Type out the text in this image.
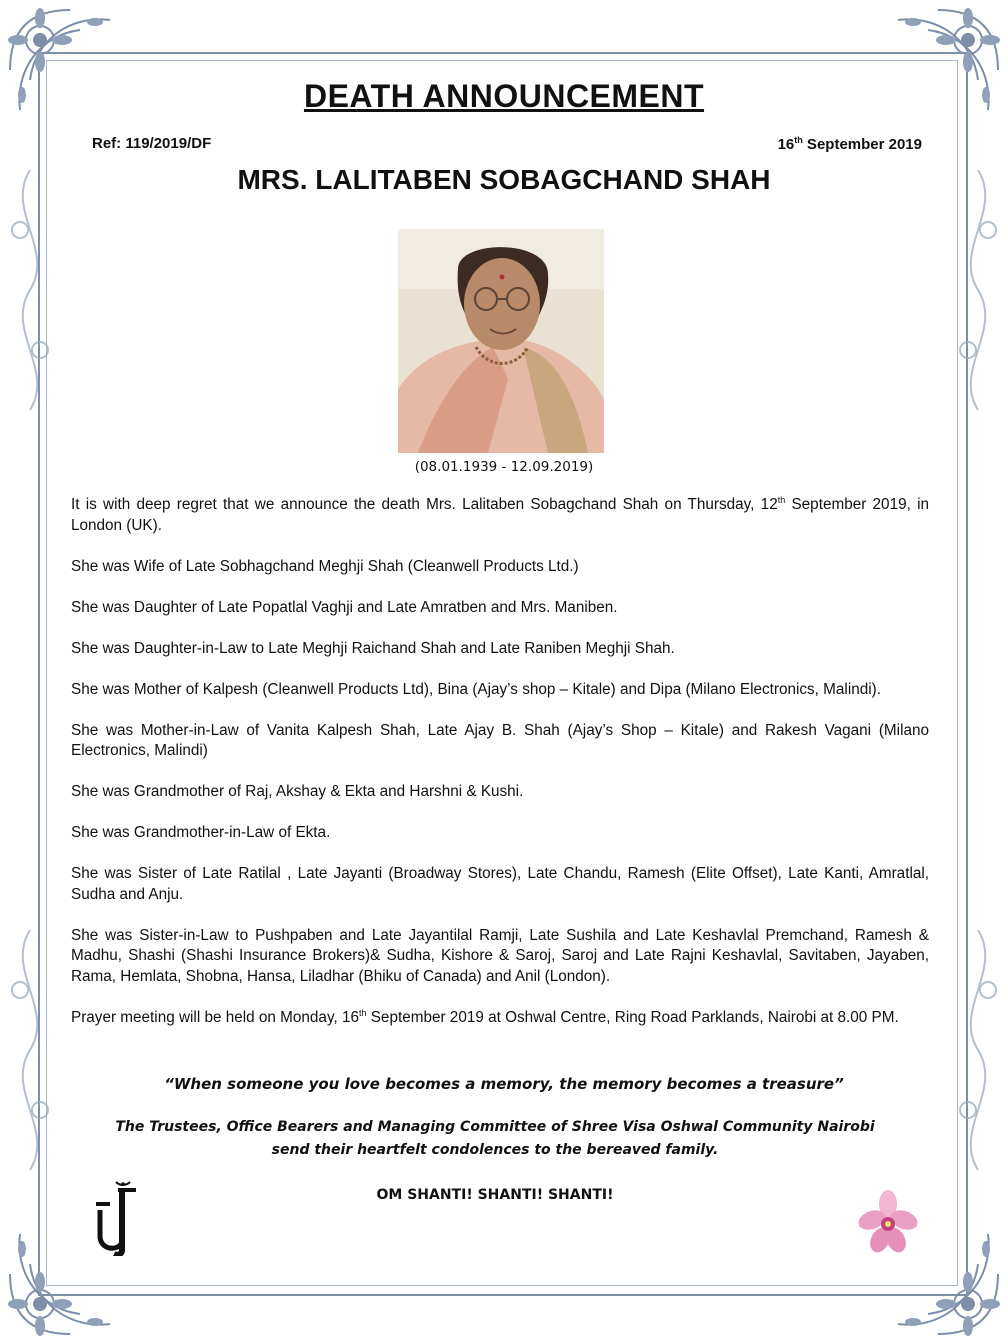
DEATH ANNOUNCEMENT
Ref: 119/2019/DF	16th September 2019
MRS. LALITABEN SOBAGCHAND SHAH
(08.01.1939 - 12.09.2019)

It is with deep regret that we announce the death Mrs. Lalitaben Sobagchand Shah on Thursday, 12th September 2019, in London (UK).

She was Wife of Late Sobhagchand Meghji Shah (Cleanwell Products Ltd.)

She was Daughter of Late Popatlal Vaghji and Late Amratben and Mrs. Maniben.

She was Daughter-in-Law to Late Meghji Raichand Shah and Late Raniben Meghji Shah.

She was Mother of Kalpesh (Cleanwell Products Ltd), Bina (Ajay’s shop – Kitale) and Dipa (Milano Electronics, Malindi).

She was Mother-in-Law of Vanita Kalpesh Shah, Late Ajay B. Shah (Ajay’s Shop – Kitale) and Rakesh Vagani (Milano Electronics, Malindi)

She was Grandmother of Raj, Akshay & Ekta and Harshni & Kushi.

She was Grandmother-in-Law of Ekta.

She was Sister of Late Ratilal , Late Jayanti (Broadway Stores), Late Chandu, Ramesh (Elite Offset), Late Kanti, Amratlal, Sudha and Anju.

She was Sister-in-Law to Pushpaben and Late Jayantilal Ramji, Late Sushila and Late Keshavlal Premchand, Ramesh & Madhu, Shashi (Shashi Insurance Brokers)& Sudha, Kishore & Saroj, Saroj and Late Rajni Keshavlal, Savitaben, Jayaben, Rama, Hemlata, Shobna, Hansa, Liladhar (Bhiku of Canada) and Anil (London).

Prayer meeting will be held on Monday, 16th September 2019 at Oshwal Centre, Ring Road Parklands, Nairobi at 8.00 PM.

“When someone you love becomes a memory, the memory becomes a treasure”
The Trustees, Office Bearers and Managing Committee of Shree Visa Oshwal Community Nairobi
send their heartfelt condolences to the bereaved family.
OM SHANTI! SHANTI! SHANTI!
